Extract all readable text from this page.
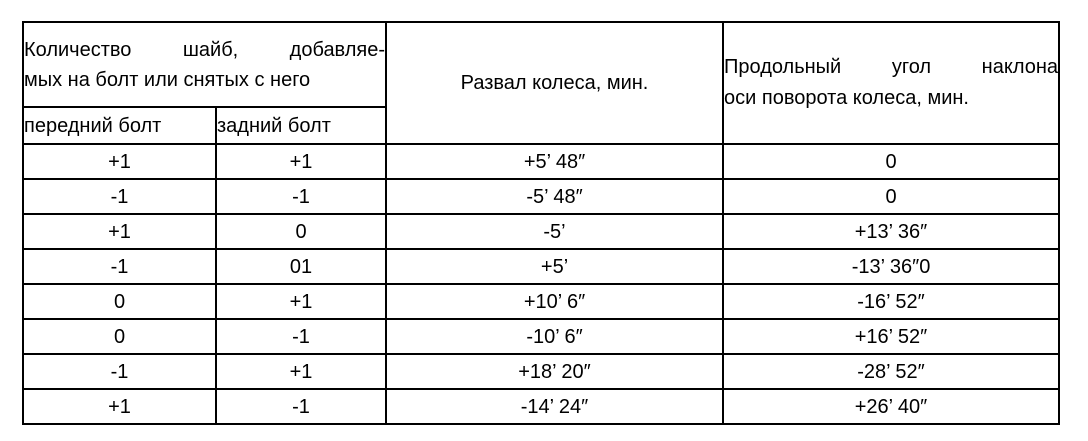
Количество шайб, добавляе-
мых на болт или снятых с него		Развал колеса, мин.	Продольный угол наклона
оси поворота колеса, мин.
передний болт	задний болт		
+1	+1	+5’ 48″	0
-1	-1	-5’ 48″	0
+1	0	-5’	+13’ 36″
-1	01	+5’	-13’ 36″0
0	+1	+10’ 6″	-16’ 52″
0	-1	-10’ 6″	+16’ 52″
-1	+1	+18’ 20″	-28’ 52″
+1	-1	-14’ 24″	+26’ 40″
